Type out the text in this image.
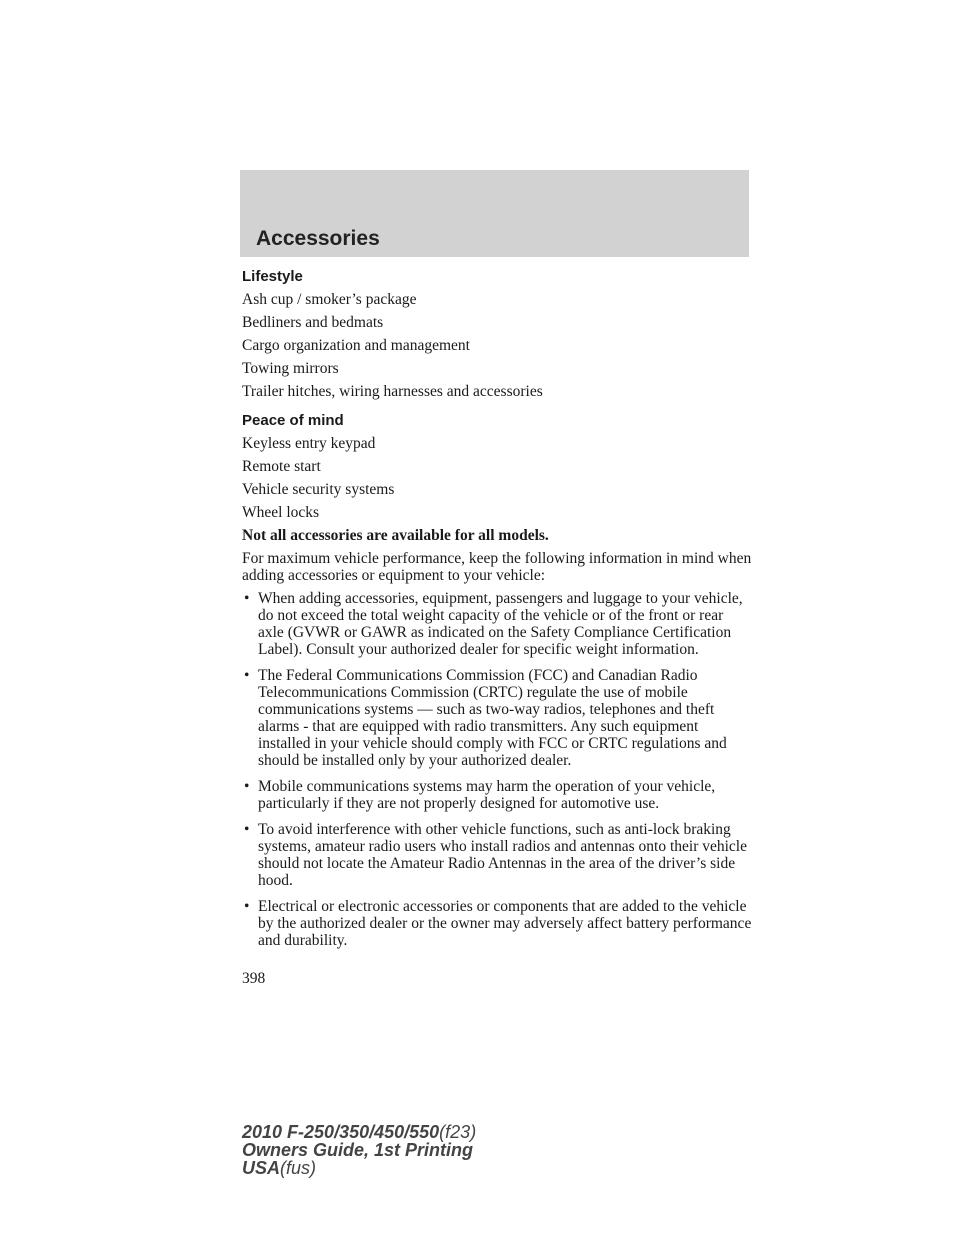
Accessories
Lifestyle
Ash cup / smoker’s package
Bedliners and bedmats
Cargo organization and management
Towing mirrors
Trailer hitches, wiring harnesses and accessories
Peace of mind
Keyless entry keypad
Remote start
Vehicle security systems
Wheel locks
Not all accessories are available for all models.
For maximum vehicle performance, keep the following information in mind when adding accessories or equipment to your vehicle:
• When adding accessories, equipment, passengers and luggage to your vehicle, do not exceed the total weight capacity of the vehicle or of the front or rear axle (GVWR or GAWR as indicated on the Safety Compliance Certification Label). Consult your authorized dealer for specific weight information.
• The Federal Communications Commission (FCC) and Canadian Radio Telecommunications Commission (CRTC) regulate the use of mobile communications systems — such as two-way radios, telephones and theft alarms - that are equipped with radio transmitters. Any such equipment installed in your vehicle should comply with FCC or CRTC regulations and should be installed only by your authorized dealer.
• Mobile communications systems may harm the operation of your vehicle, particularly if they are not properly designed for automotive use.
• To avoid interference with other vehicle functions, such as anti-lock braking systems, amateur radio users who install radios and antennas onto their vehicle should not locate the Amateur Radio Antennas in the area of the driver’s side hood.
• Electrical or electronic accessories or components that are added to the vehicle by the authorized dealer or the owner may adversely affect battery performance and durability.
398
2010 F-250/350/450/550(f23)
Owners Guide, 1st Printing
USA(fus)
